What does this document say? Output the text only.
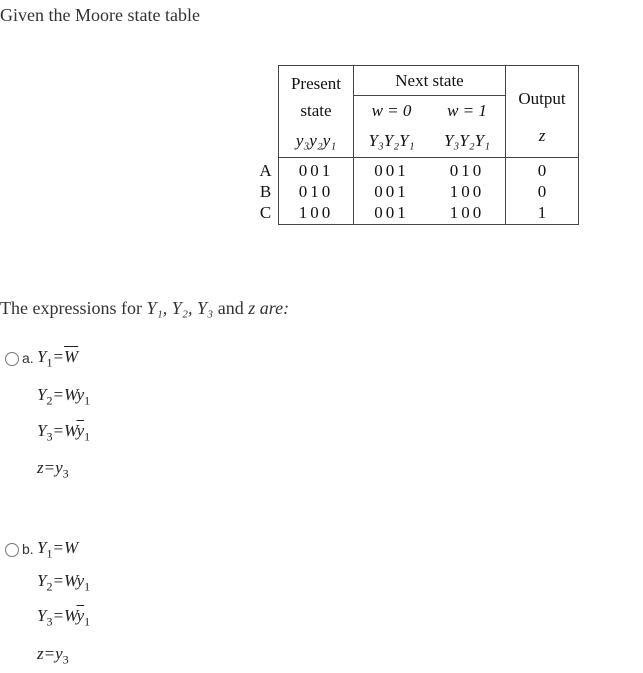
Given the Moore state table
	Present	Next state		Output
	state	w = 0	w = 1	
	y₃y₂y₁	Y₃Y₂Y₁	Y₃Y₂Y₁	z
A	001	001	010	0
B	010	001	100	0
C	100	001	100	1
The expressions for Y₁, Y₂, Y₃ and z are:
a. $Y_1=\overline{W}$
$Y_2=Wy_1$
$Y_3=W\overline{y}_1$
$z=y_3$
b. $Y_1=W$
$Y_2=Wy_1$
$Y_3=W\overline{y}_1$
$z=y_3$
